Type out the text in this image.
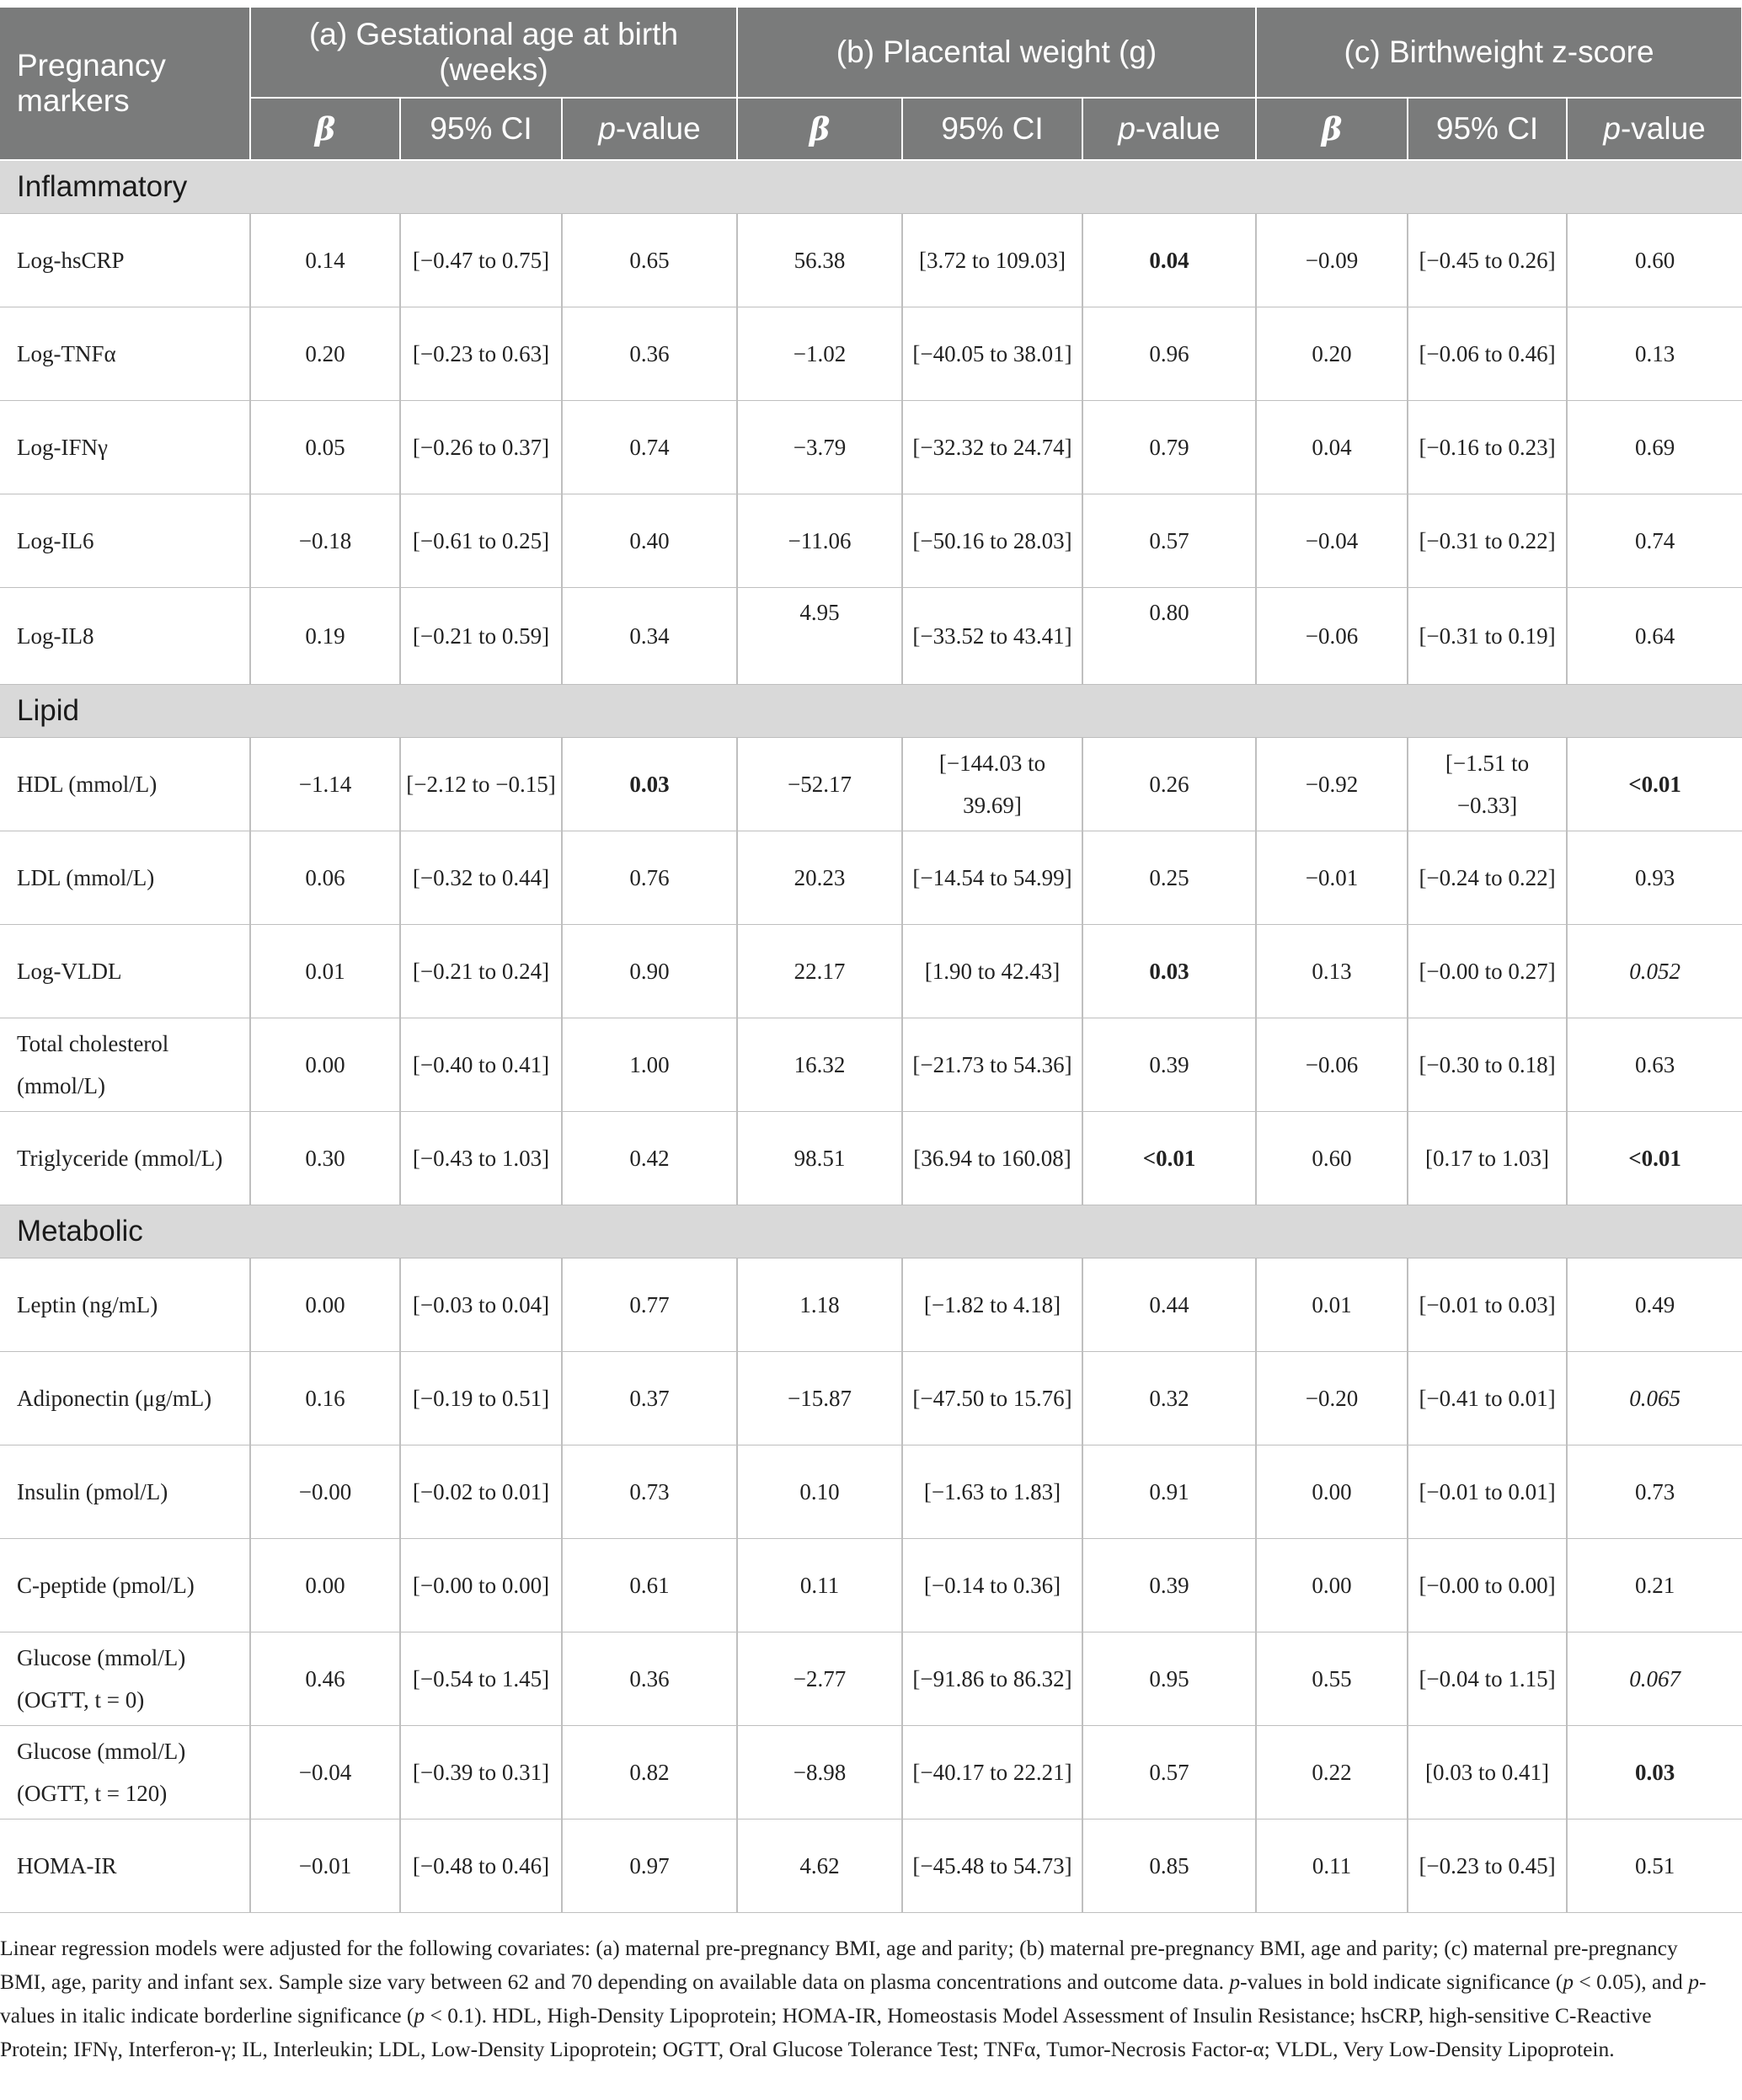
Pregnancy markers	(a) Gestational age at birth (weeks)			(b) Placental weight (g)			(c) Birthweight z-score		
	β	95% CI	p-value	β	95% CI	p-value	β	95% CI	p-value
Inflammatory									
Log-hsCRP	0.14	[−0.47 to 0.75]	0.65	56.38	[3.72 to 109.03]	0.04	−0.09	[−0.45 to 0.26]	0.60
Log-TNFα	0.20	[−0.23 to 0.63]	0.36	−1.02	[−40.05 to 38.01]	0.96	0.20	[−0.06 to 0.46]	0.13
Log-IFNγ	0.05	[−0.26 to 0.37]	0.74	−3.79	[−32.32 to 24.74]	0.79	0.04	[−0.16 to 0.23]	0.69
Log-IL6	−0.18	[−0.61 to 0.25]	0.40	−11.06	[−50.16 to 28.03]	0.57	−0.04	[−0.31 to 0.22]	0.74
Log-IL8	0.19	[−0.21 to 0.59]	0.34	4.95	[−33.52 to 43.41]	0.80	−0.06	[−0.31 to 0.19]	0.64
Lipid									
HDL (mmol/L)	−1.14	[−2.12 to −0.15]	0.03	−52.17	[−144.03 to 39.69]	0.26	−0.92	[−1.51 to −0.33]	<0.01
LDL (mmol/L)	0.06	[−0.32 to 0.44]	0.76	20.23	[−14.54 to 54.99]	0.25	−0.01	[−0.24 to 0.22]	0.93
Log-VLDL	0.01	[−0.21 to 0.24]	0.90	22.17	[1.90 to 42.43]	0.03	0.13	[−0.00 to 0.27]	0.052
Total cholesterol (mmol/L)	0.00	[−0.40 to 0.41]	1.00	16.32	[−21.73 to 54.36]	0.39	−0.06	[−0.30 to 0.18]	0.63
Triglyceride (mmol/L)	0.30	[−0.43 to 1.03]	0.42	98.51	[36.94 to 160.08]	<0.01	0.60	[0.17 to 1.03]	<0.01
Metabolic									
Leptin (ng/mL)	0.00	[−0.03 to 0.04]	0.77	1.18	[−1.82 to 4.18]	0.44	0.01	[−0.01 to 0.03]	0.49
Adiponectin (μg/mL)	0.16	[−0.19 to 0.51]	0.37	−15.87	[−47.50 to 15.76]	0.32	−0.20	[−0.41 to 0.01]	0.065
Insulin (pmol/L)	−0.00	[−0.02 to 0.01]	0.73	0.10	[−1.63 to 1.83]	0.91	0.00	[−0.01 to 0.01]	0.73
C-peptide (pmol/L)	0.00	[−0.00 to 0.00]	0.61	0.11	[−0.14 to 0.36]	0.39	0.00	[−0.00 to 0.00]	0.21
Glucose (mmol/L) (OGTT, t = 0)	0.46	[−0.54 to 1.45]	0.36	−2.77	[−91.86 to 86.32]	0.95	0.55	[−0.04 to 1.15]	0.067
Glucose (mmol/L) (OGTT, t = 120)	−0.04	[−0.39 to 0.31]	0.82	−8.98	[−40.17 to 22.21]	0.57	0.22	[0.03 to 0.41]	0.03
HOMA-IR	−0.01	[−0.48 to 0.46]	0.97	4.62	[−45.48 to 54.73]	0.85	0.11	[−0.23 to 0.45]	0.51
Linear regression models were adjusted for the following covariates: (a) maternal pre-pregnancy BMI, age and parity; (b) maternal pre-pregnancy BMI, age and parity; (c) maternal pre-pregnancy BMI, age, parity and infant sex. Sample size vary between 62 and 70 depending on available data on plasma concentrations and outcome data. p-values in bold indicate significance (p < 0.05), and p-values in italic indicate borderline significance (p < 0.1). HDL, High-Density Lipoprotein; HOMA-IR, Homeostasis Model Assessment of Insulin Resistance; hsCRP, high-sensitive C-Reactive Protein; IFNγ, Interferon-γ; IL, Interleukin; LDL, Low-Density Lipoprotein; OGTT, Oral Glucose Tolerance Test; TNFα, Tumor-Necrosis Factor-α; VLDL, Very Low-Density Lipoprotein.
